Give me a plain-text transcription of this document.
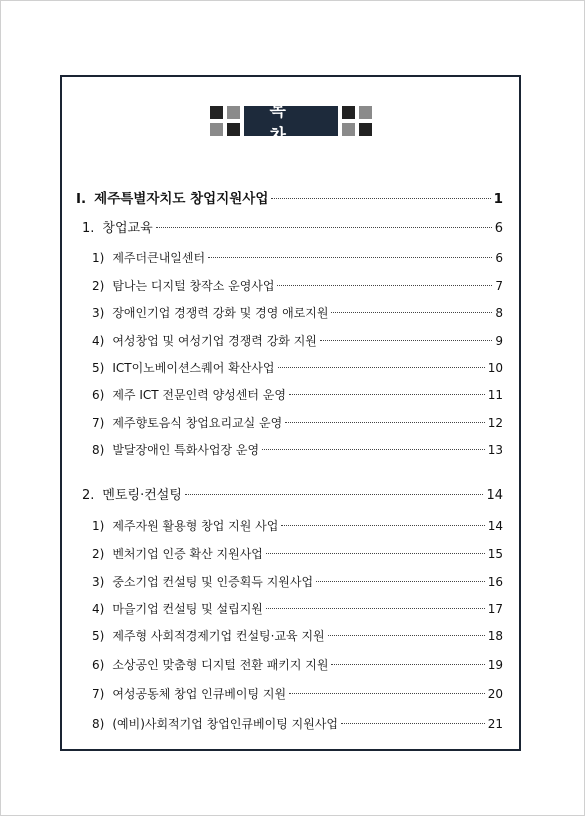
목 차
Ⅰ. 제주특별자치도 창업지원사업	1
1. 창업교육	6
1) 제주더큰내일센터	6
2) 탐나는 디지털 창작소 운영사업	7
3) 장애인기업 경쟁력 강화 및 경영 애로지원	8
4) 여성창업 및 여성기업 경쟁력 강화 지원	9
5) ICT이노베이션스퀘어 확산사업	10
6) 제주 ICT 전문인력 양성센터 운영	11
7) 제주향토음식 창업요리교실 운영	12
8) 발달장애인 특화사업장 운영	13
2. 멘토링·컨설팅	14
1) 제주자원 활용형 창업 지원 사업	14
2) 벤처기업 인증 확산 지원사업	15
3) 중소기업 컨설팅 및 인증획득 지원사업	16
4) 마을기업 컨설팅 및 설립지원	17
5) 제주형 사회적경제기업 컨설팅·교육 지원	18
6) 소상공인 맞춤형 디지털 전환 패키지 지원	19
7) 여성공동체 창업 인큐베이팅 지원	20
8) (예비)사회적기업 창업인큐베이팅 지원사업	21
